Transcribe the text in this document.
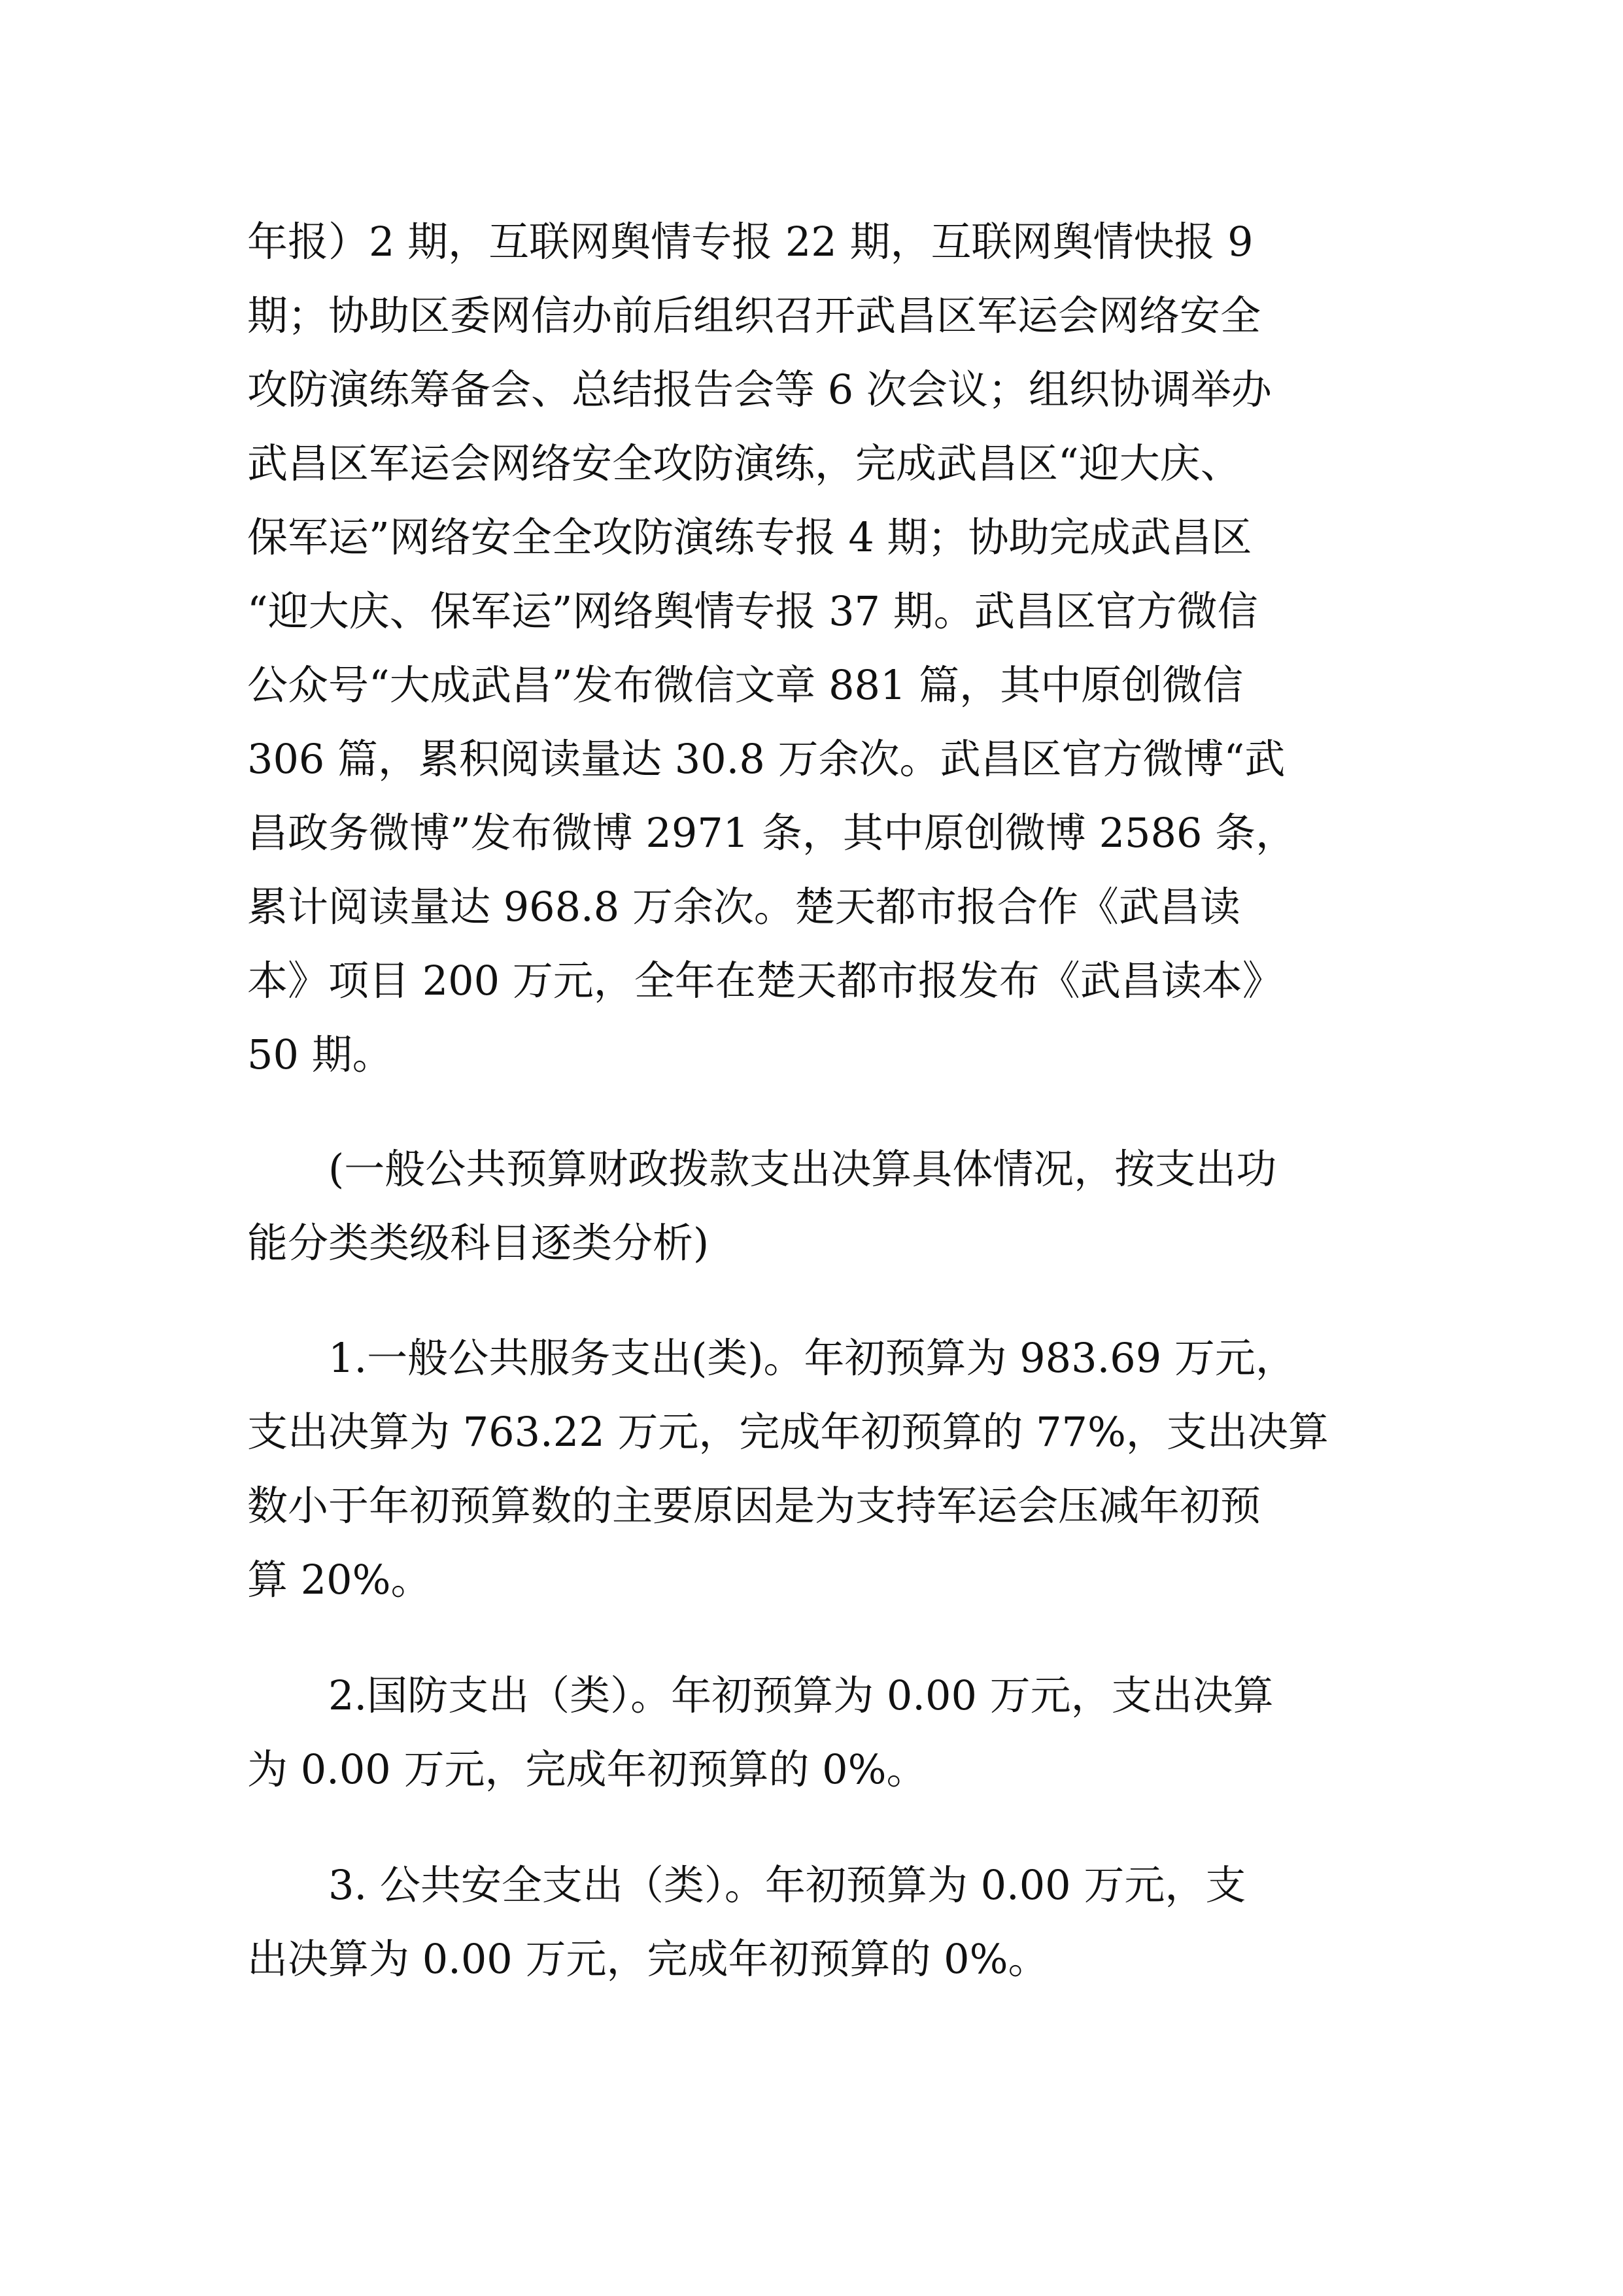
年报）2 期，互联网舆情专报 22 期，互联网舆情快报 9
期；协助区委网信办前后组织召开武昌区军运会网络安全
攻防演练筹备会、总结报告会等 6 次会议；组织协调举办
武昌区军运会网络安全攻防演练，完成武昌区“迎大庆、
保军运”网络安全全攻防演练专报 4 期；协助完成武昌区
“迎大庆、保军运”网络舆情专报 37 期。武昌区官方微信
公众号“大成武昌”发布微信文章 881 篇，其中原创微信
306 篇，累积阅读量达 30.8 万余次。武昌区官方微博“武
昌政务微博”发布微博 2971 条，其中原创微博 2586 条，
累计阅读量达 968.8 万余次。楚天都市报合作《武昌读
本》项目 200 万元，全年在楚天都市报发布《武昌读本》
50 期。
(一般公共预算财政拨款支出决算具体情况，按支出功
能分类类级科目逐类分析)
1.一般公共服务支出(类)。年初预算为 983.69 万元，
支出决算为 763.22 万元，完成年初预算的 77%，支出决算
数小于年初预算数的主要原因是为支持军运会压减年初预
算 20%。
2.国防支出（类）。年初预算为 0.00 万元，支出决算
为 0.00 万元，完成年初预算的 0%。
3. 公共安全支出（类）。年初预算为 0.00 万元，支
出决算为 0.00 万元，完成年初预算的 0%。
